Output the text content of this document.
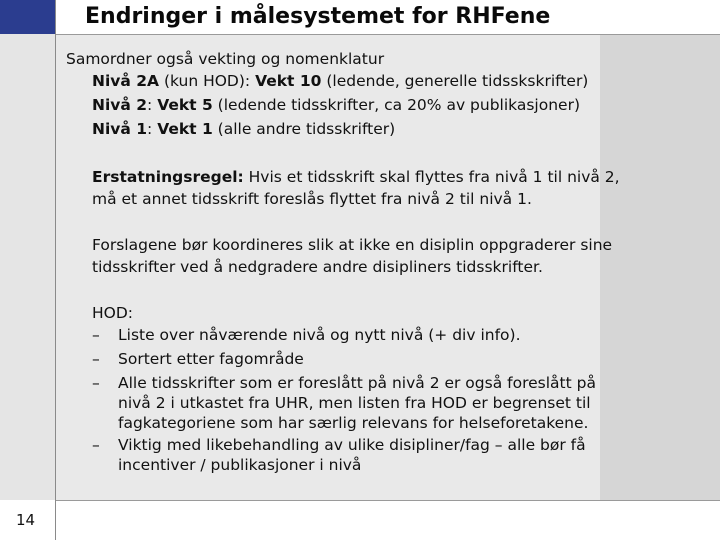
Endringer i målesystemet for RHFene
14
Samordner også vekting og nomenklatur
Nivå 2A (kun HOD): Vekt 10 (ledende, generelle tidsskskrifter)
Nivå 2: Vekt 5 (ledende tidsskrifter, ca 20% av publikasjoner)
Nivå 1: Vekt 1 (alle andre tidsskrifter)
Erstatningsregel: Hvis et tidsskrift skal flyttes fra nivå 1 til nivå 2,
må et annet tidsskrift foreslås flyttet fra nivå 2 til nivå 1.
Forslagene bør koordineres slik at ikke en disiplin oppgraderer sine
tidsskrifter ved å nedgradere andre disipliners tidsskrifter.
HOD:
– Liste over nåværende nivå og nytt nivå (+ div info).
– Sortert etter fagområde
– Alle tidsskrifter som er foreslått på nivå 2 er også foreslått på
nivå 2 i utkastet fra UHR, men listen fra HOD er begrenset til
fagkategoriene som har særlig relevans for helseforetakene.
– Viktig med likebehandling av ulike disipliner/fag – alle bør få
incentiver / publikasjoner i nivå
